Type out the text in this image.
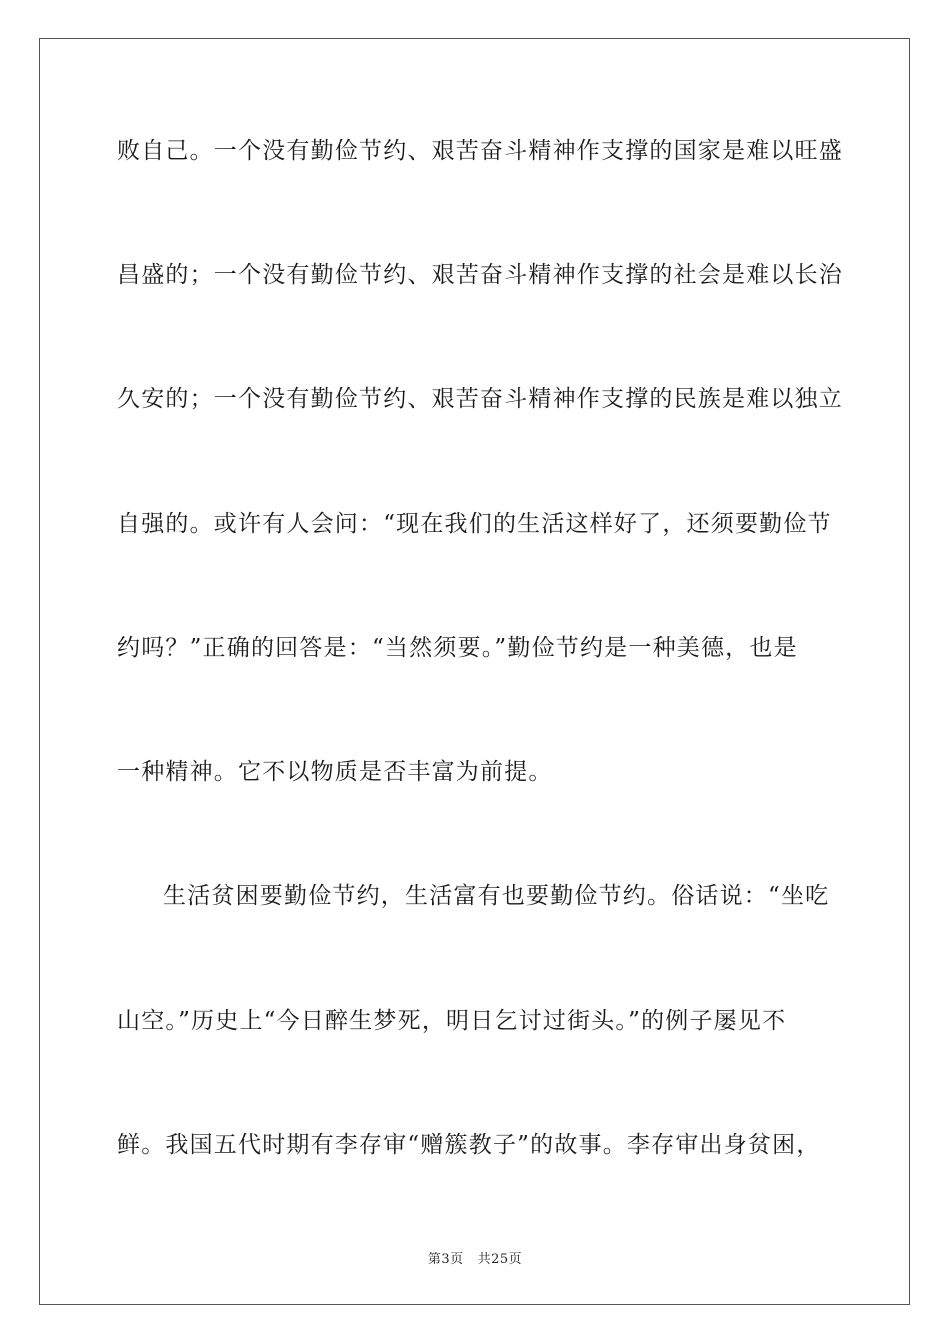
败自己。一个没有勤俭节约、艰苦奋斗精神作支撑的国家是难以旺盛
昌盛的；一个没有勤俭节约、艰苦奋斗精神作支撑的社会是难以长治
久安的；一个没有勤俭节约、艰苦奋斗精神作支撑的民族是难以独立
自强的。或许有人会问：“现在我们的生活这样好了，还须要勤俭节
约吗？”正确的回答是：“当然须要。”勤俭节约是一种美德，也是
一种精神。它不以物质是否丰富为前提。
生活贫困要勤俭节约，生活富有也要勤俭节约。俗话说：“坐吃
山空。”历史上“今日醉生梦死，明日乞讨过街头。”的例子屡见不
鲜。我国五代时期有李存审“赠簇教子”的故事。李存审出身贫困，
第3页 共25页
